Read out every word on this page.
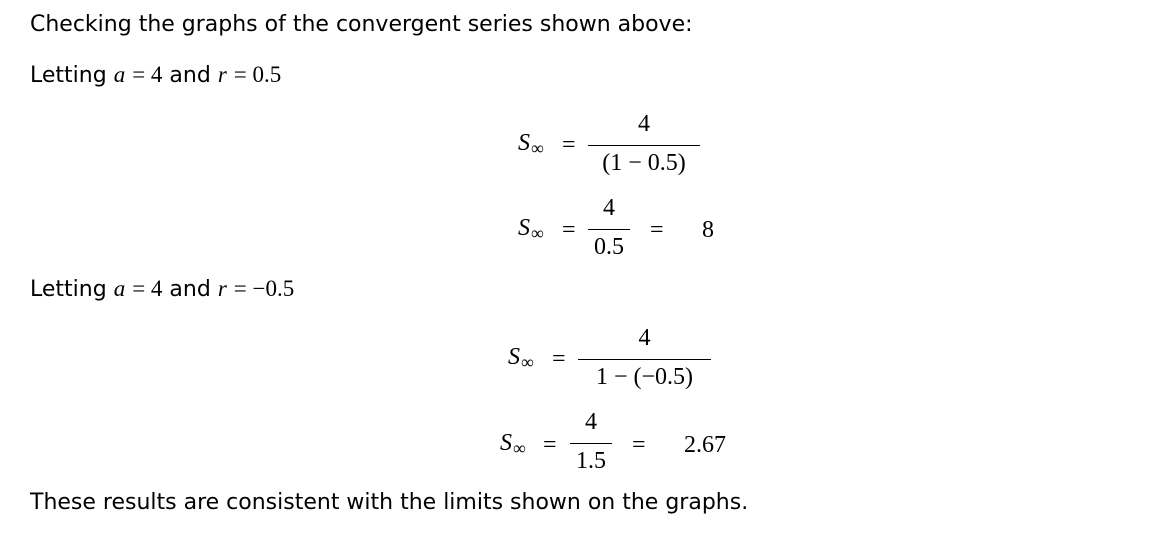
Checking the graphs of the convergent series shown above:
Letting a = 4 and r = 0.5
$S_\infty$ =
4
(1 − 0.5)
$S_\infty$ =
4
0.5
= 8
Letting a = 4 and r = −0.5
$S_\infty$ =
4
1 − (−0.5)
$S_\infty$ =
4
1.5
= 2.67
These results are consistent with the limits shown on the graphs.
